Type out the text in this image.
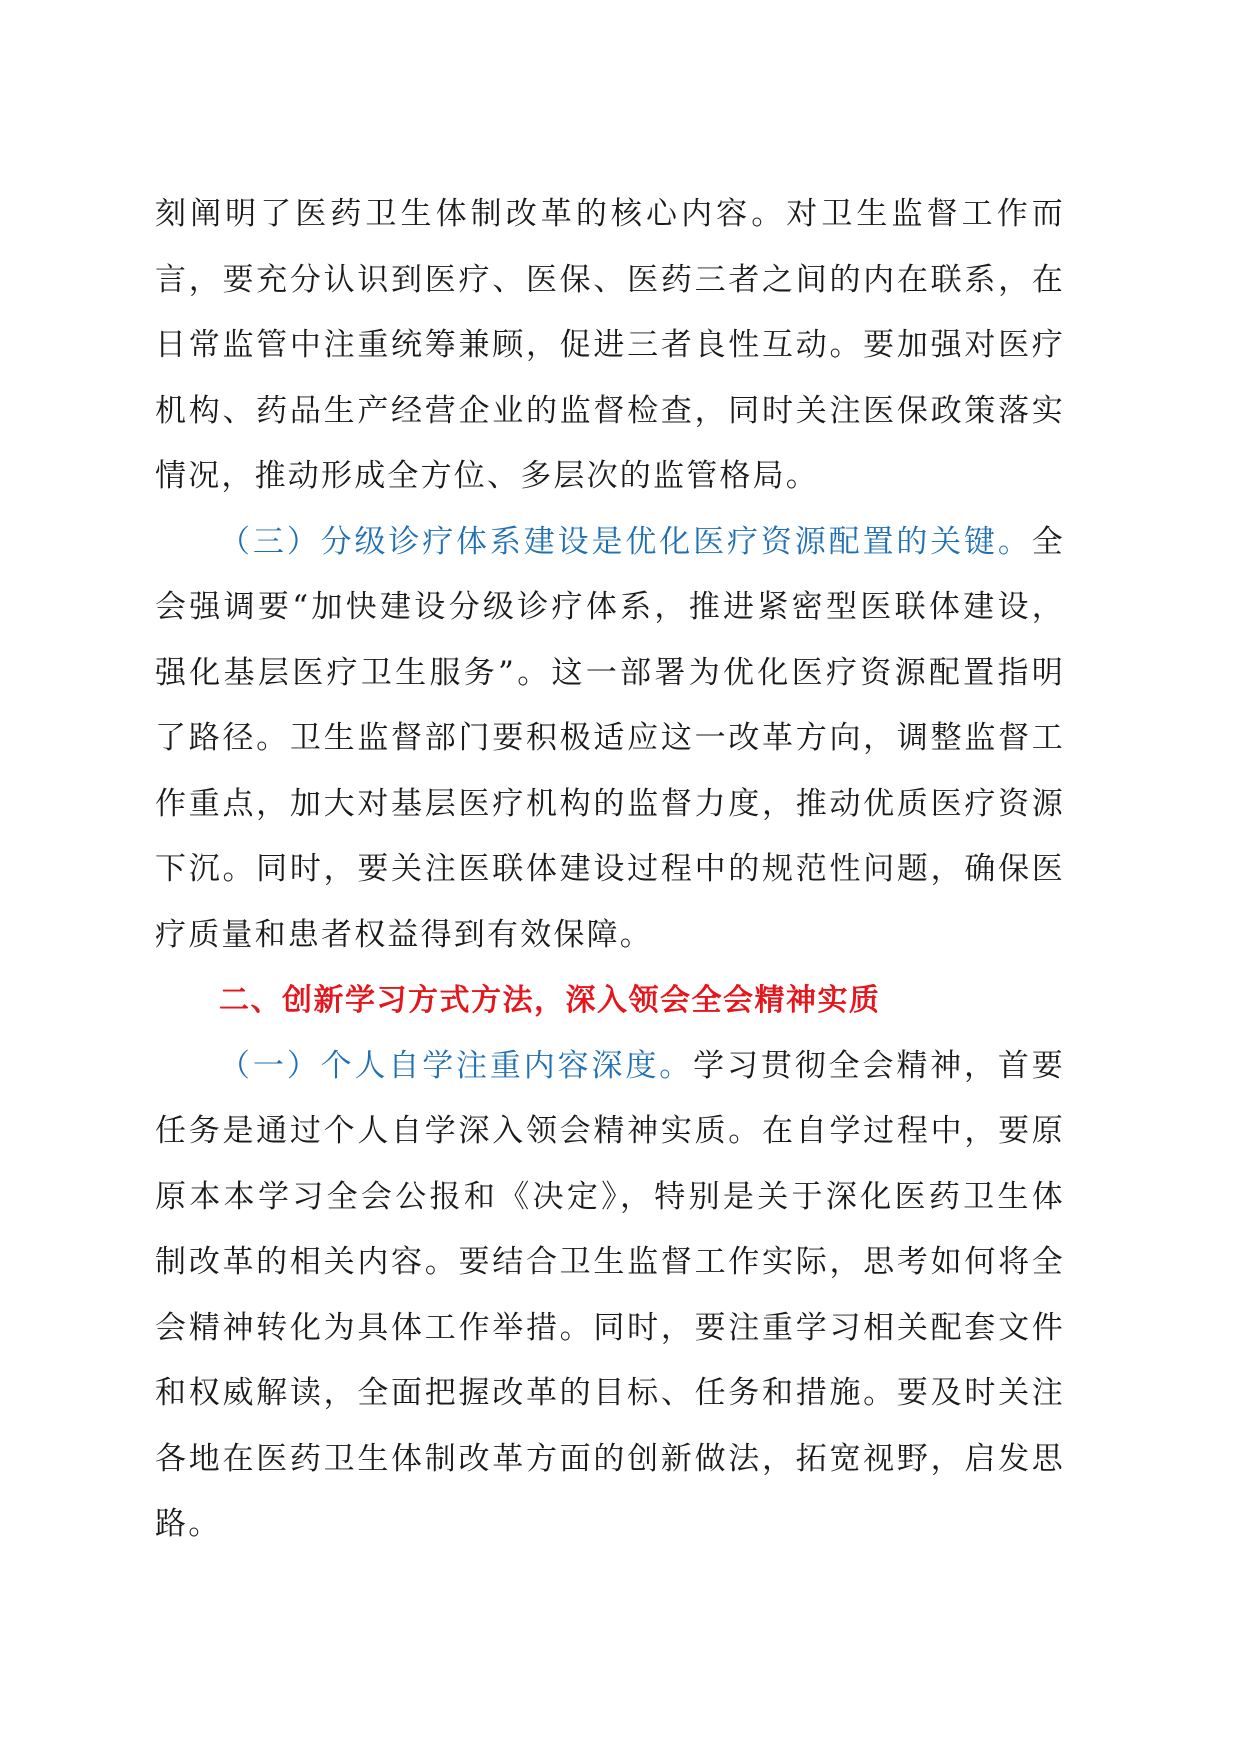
刻阐明了医药卫生体制改革的核心内容。对卫生监督工作而言，要充分认识到医疗、医保、医药三者之间的内在联系，在日常监管中注重统筹兼顾，促进三者良性互动。要加强对医疗机构、药品生产经营企业的监督检查，同时关注医保政策落实情况，推动形成全方位、多层次的监管格局。

（三）分级诊疗体系建设是优化医疗资源配置的关键。全会强调要“加快建设分级诊疗体系，推进紧密型医联体建设，强化基层医疗卫生服务”。这一部署为优化医疗资源配置指明了路径。卫生监督部门要积极适应这一改革方向，调整监督工作重点，加大对基层医疗机构的监督力度，推动优质医疗资源下沉。同时，要关注医联体建设过程中的规范性问题，确保医疗质量和患者权益得到有效保障。

二、创新学习方式方法，深入领会全会精神实质

（一）个人自学注重内容深度。学习贯彻全会精神，首要任务是通过个人自学深入领会精神实质。在自学过程中，要原原本本学习全会公报和《决定》，特别是关于深化医药卫生体制改革的相关内容。要结合卫生监督工作实际，思考如何将全会精神转化为具体工作举措。同时，要注重学习相关配套文件和权威解读，全面把握改革的目标、任务和措施。要及时关注各地在医药卫生体制改革方面的创新做法，拓宽视野，启发思路。
